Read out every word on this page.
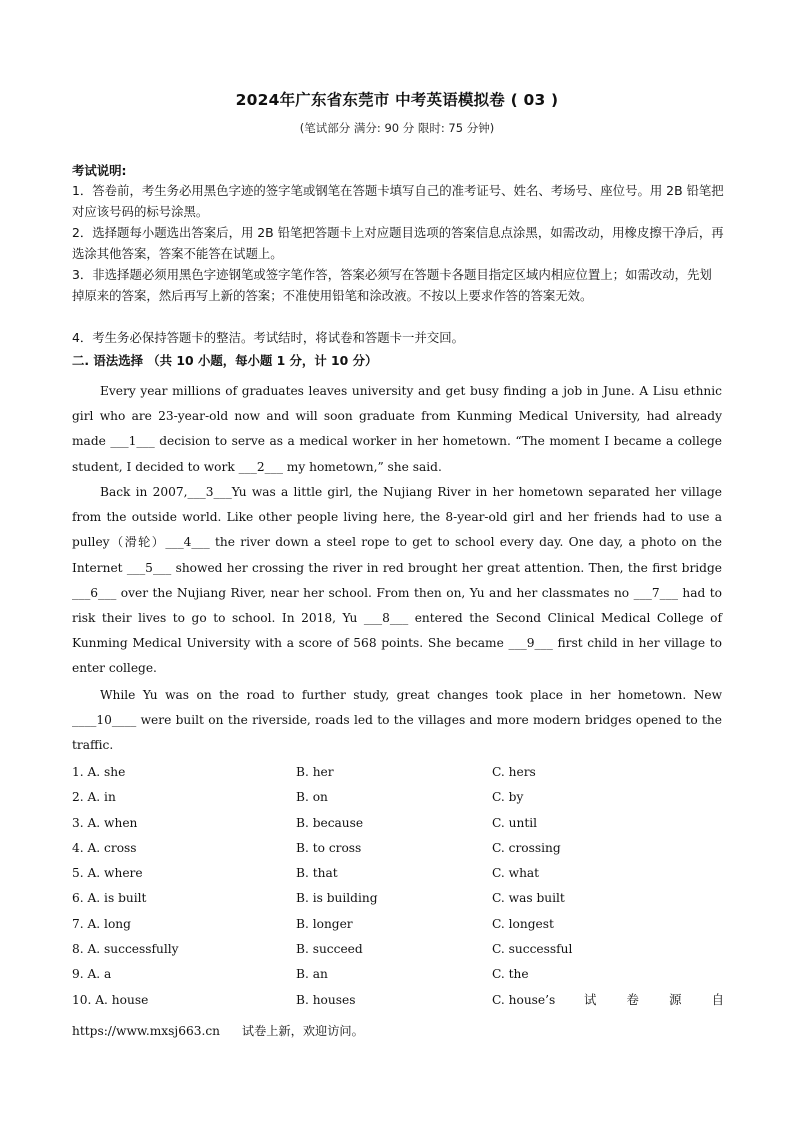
2024年广东省东莞市 中考英语模拟卷 ( 03 )
(笔试部分 满分: 90 分 限时: 75 分钟)
考试说明:
1．答卷前，考生务必用黑色字迹的签字笔或钢笔在答题卡填写自己的准考证号、姓名、考场号、座位号。用 2B 铅笔把对应该号码的标号涂黑。
2．选择题每小题选出答案后，用 2B 铅笔把答题卡上对应题目选项的答案信息点涂黑，如需改动，用橡皮擦干净后，再选涂其他答案，答案不能答在试题上。
3．非选择题必须用黑色字迹钢笔或签字笔作答，答案必须写在答题卡各题目指定区域内相应位置上；如需改动，先划掉原来的答案，然后再写上新的答案；不准使用铅笔和涂改液。不按以上要求作答的答案无效。
4．考生务必保持答题卡的整洁。考试结时，将试卷和答题卡一并交回。
二. 语法选择 （共 10 小题，每小题 1 分，计 10 分）
Every year millions of graduates leaves university and get busy finding a job in June. A Lisu ethnic girl who are 23-year-old now and will soon graduate from Kunming Medical University, had already made ___1___ decision to serve as a medical worker in her hometown. “The moment I became a college student, I decided to work ___2___ my hometown,” she said.
Back in 2007,___3___Yu was a little girl, the Nujiang River in her hometown separated her village from the outside world. Like other people living here, the 8-year-old girl and her friends had to use a pulley（滑轮）___4___ the river down a steel rope to get to school every day. One day, a photo on the Internet ___5___ showed her crossing the river in red brought her great attention. Then, the first bridge ___6___ over the Nujiang River, near her school. From then on, Yu and her classmates no ___7___ had to risk their lives to go to school. In 2018, Yu ___8___ entered the Second Clinical Medical College of Kunming Medical University with a score of 568 points. She became ___9___ first child in her village to enter college.
While Yu was on the road to further study, great changes took place in her hometown. New ____10____ were built on the riverside, roads led to the villages and more modern bridges opened to the traffic.
1. A. she	B. her	C. hers
2. A. in	B. on	C. by
3. A. when	B. because	C. until
4. A. cross	B. to cross	C. crossing
5. A. where	B. that	C. what
6. A. is built	B. is building	C. was built
7. A. long	B. longer	C. longest
8. A. successfully	B. succeed	C. successful
9. A. a	B. an	C. the
10. A. house	B. houses	C. house’s	试 卷 源 自
https://www.mxsj663.cn 试卷上新，欢迎访问。
